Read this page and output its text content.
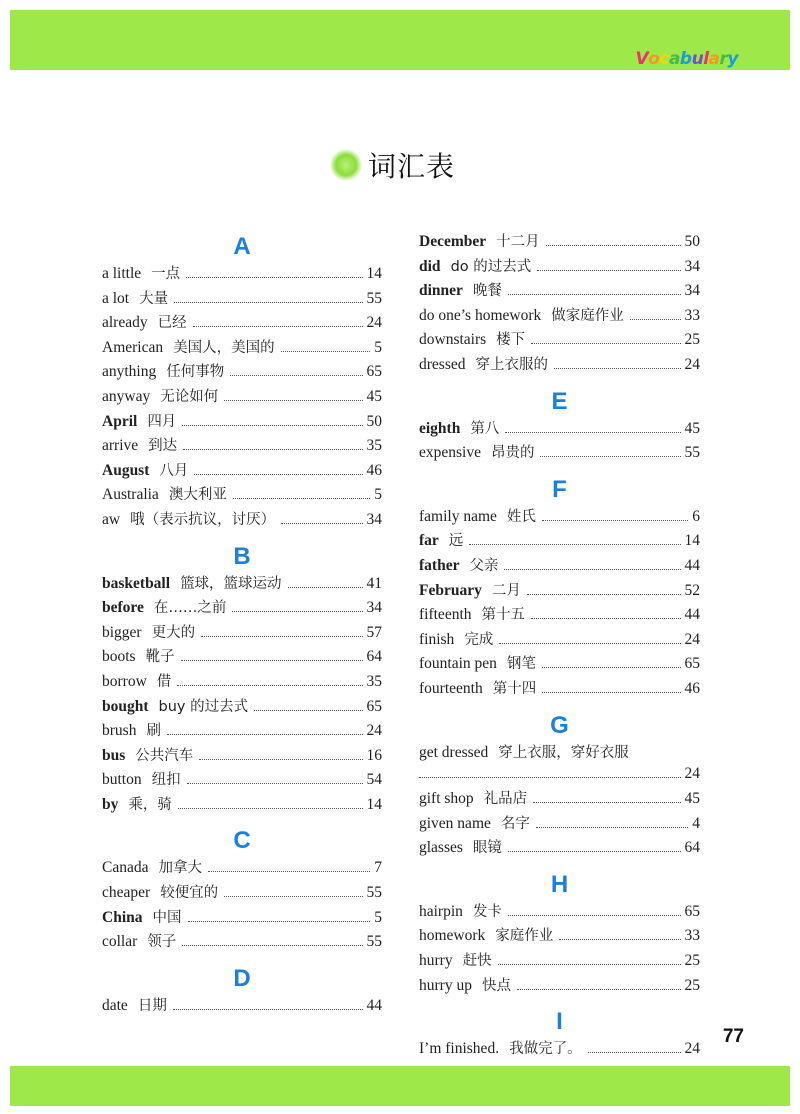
Vocabulary
词汇表
A
a little 一点	14
a lot 大量	55
already 已经	24
American 美国人，美国的	5
anything 任何事物	65
anyway 无论如何	45
April 四月	50
arrive 到达	35
August 八月	46
Australia 澳大利亚	5
aw 哦（表示抗议，讨厌）	34
B
basketball 篮球，篮球运动	41
before 在……之前	34
bigger 更大的	57
boots 靴子	64
borrow 借	35
bought buy 的过去式	65
brush 刷	24
bus 公共汽车	16
button 纽扣	54
by 乘，骑	14
C
Canada 加拿大	7
cheaper 较便宜的	55
China 中国	5
collar 领子	55
D
date 日期	44
December 十二月	50
did do 的过去式	34
dinner 晚餐	34
do one’s homework 做家庭作业	33
downstairs 楼下	25
dressed 穿上衣服的	24
E
eighth 第八	45
expensive 昂贵的	55
F
family name 姓氏	6
far 远	14
father 父亲	44
February 二月	52
fifteenth 第十五	44
finish 完成	24
fountain pen 钢笔	65
fourteenth 第十四	46
G
get dressed 穿上衣服，穿好衣服
24
gift shop 礼品店	45
given name 名字	4
glasses 眼镜	64
H
hairpin 发卡	65
homework 家庭作业	33
hurry 赶快	25
hurry up 快点	25
I
I’m finished. 我做完了。	24
77
